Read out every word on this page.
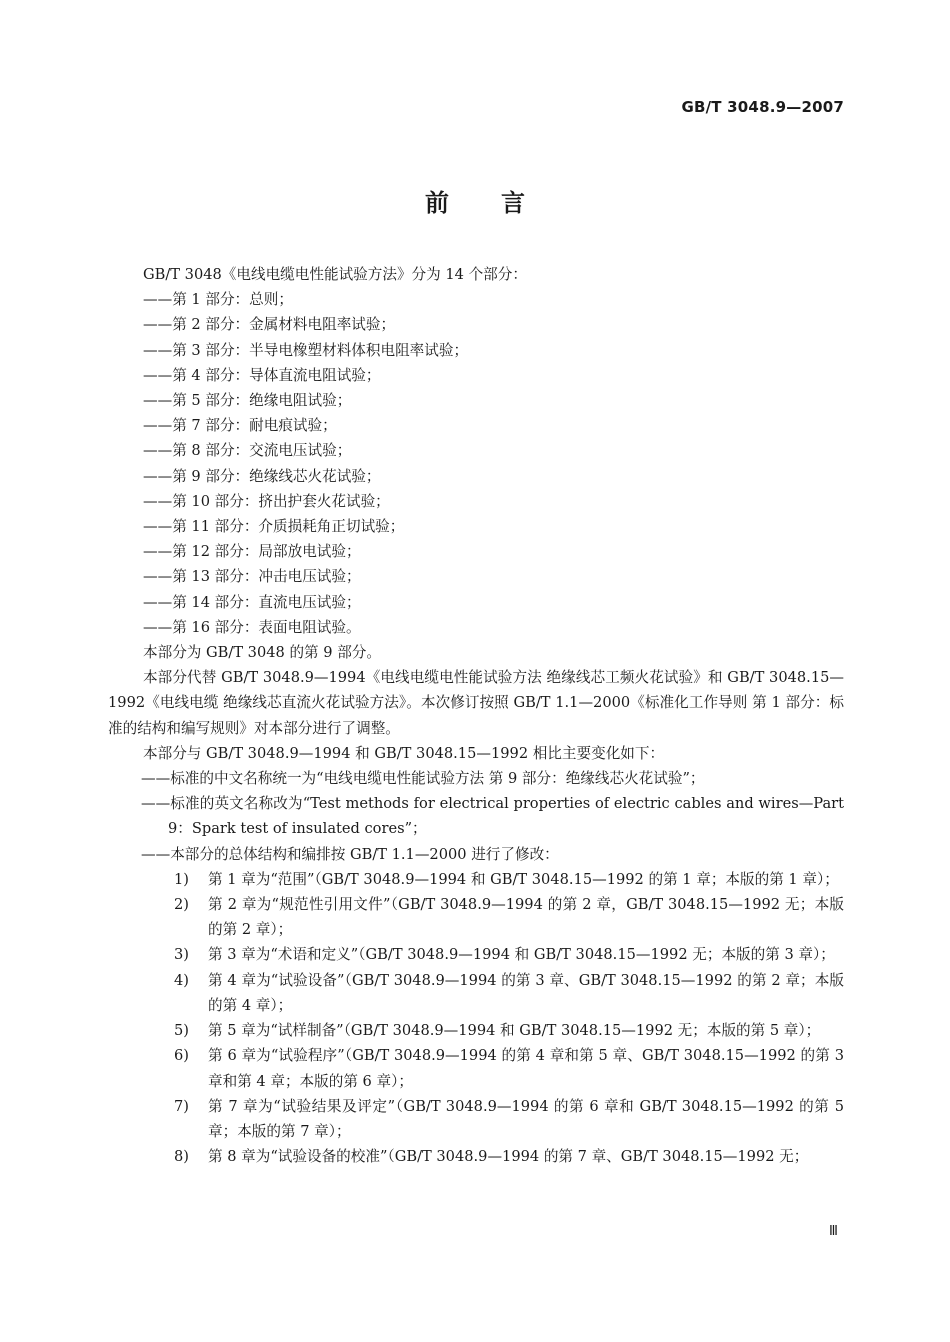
GB/T 3048.9—2007
前言

GB/T 3048《电线电缆电性能试验方法》分为 14 个部分：

——第 1 部分：总则；

——第 2 部分：金属材料电阻率试验；

——第 3 部分：半导电橡塑材料体积电阻率试验；

——第 4 部分：导体直流电阻试验；

——第 5 部分：绝缘电阻试验；

——第 7 部分：耐电痕试验；

——第 8 部分：交流电压试验；

——第 9 部分：绝缘线芯火花试验；

——第 10 部分：挤出护套火花试验；

——第 11 部分：介质损耗角正切试验；

——第 12 部分：局部放电试验；

——第 13 部分：冲击电压试验；

——第 14 部分：直流电压试验；

——第 16 部分：表面电阻试验。

本部分为 GB/T 3048 的第 9 部分。

本部分代替 GB/T 3048.9—1994《电线电缆电性能试验方法 绝缘线芯工频火花试验》和 GB/T 3048.15—1992《电线电缆 绝缘线芯直流火花试验方法》。本次修订按照 GB/T 1.1—2000《标准化工作导则 第 1 部分：标准的结构和编写规则》对本部分进行了调整。

本部分与 GB/T 3048.9—1994 和 GB/T 3048.15—1992 相比主要变化如下：

——标准的中文名称统一为“电线电缆电性能试验方法 第 9 部分：绝缘线芯火花试验”；

——标准的英文名称改为“Test methods for electrical properties of electric cables and wires—Part 9：Spark test of insulated cores”；

——本部分的总体结构和编排按 GB/T 1.1—2000 进行了修改：

1) 第 1 章为“范围”（GB/T 3048.9—1994 和 GB/T 3048.15—1992 的第 1 章；本版的第 1 章）；

2) 第 2 章为“规范性引用文件”（GB/T 3048.9—1994 的第 2 章，GB/T 3048.15—1992 无；本版的第 2 章）；

3) 第 3 章为“术语和定义”（GB/T 3048.9—1994 和 GB/T 3048.15—1992 无；本版的第 3 章）；

4) 第 4 章为“试验设备”（GB/T 3048.9—1994 的第 3 章、GB/T 3048.15—1992 的第 2 章；本版的第 4 章）；

5) 第 5 章为“试样制备”（GB/T 3048.9—1994 和 GB/T 3048.15—1992 无；本版的第 5 章）；

6) 第 6 章为“试验程序”（GB/T 3048.9—1994 的第 4 章和第 5 章、GB/T 3048.15—1992 的第 3 章和第 4 章；本版的第 6 章）；

7) 第 7 章为“试验结果及评定”（GB/T 3048.9—1994 的第 6 章和 GB/T 3048.15—1992 的第 5 章；本版的第 7 章）；

8) 第 8 章为“试验设备的校准”（GB/T 3048.9—1994 的第 7 章、GB/T 3048.15—1992 无；

Ⅲ
